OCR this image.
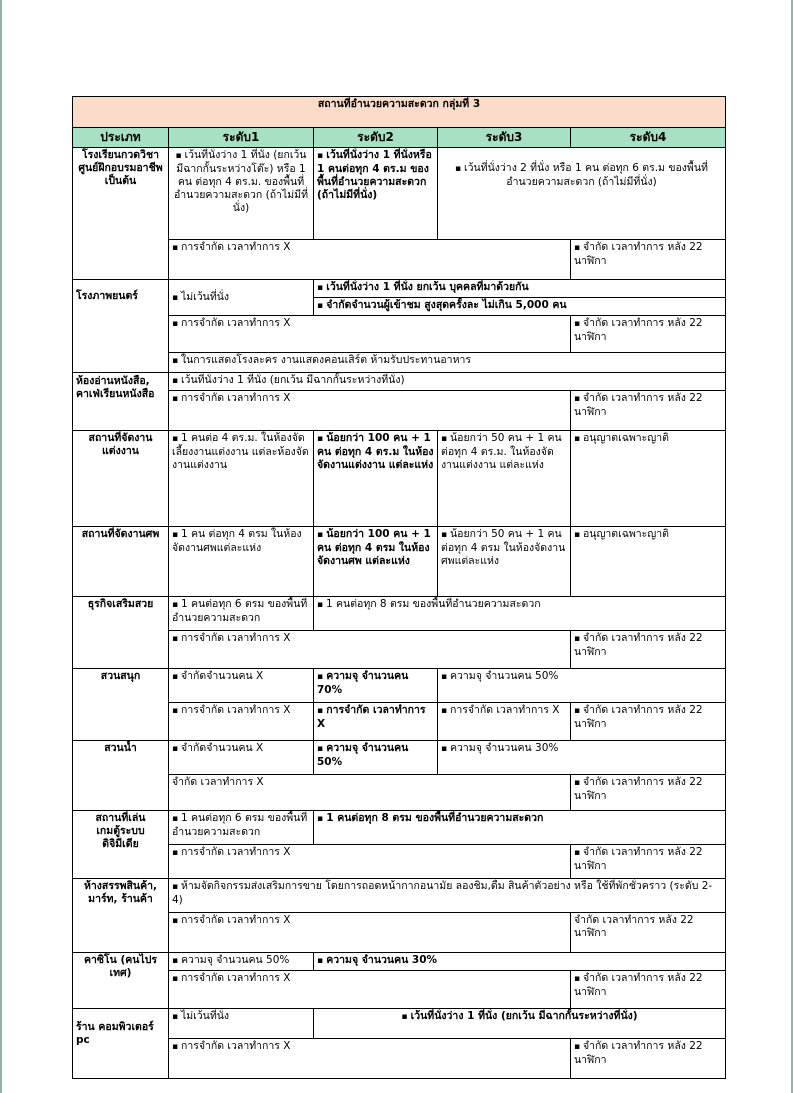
สถานที่อำนวยความสะดวก กลุ่มที่ 3				
ประเภท	ระดับ1	ระดับ2	ระดับ3	ระดับ4
โรงเรียนกวดวิชา ศูนย์ฝึกอบรมอาชีพ เป็นต้น	▪ เว้นที่นั่งว่าง 1 ที่นั่ง (ยกเว้น มีฉากกั้นระหว่างโต๊ะ) หรือ 1 คน ต่อทุก 4 ตร.ม. ของพื้นที่อำนวยความสะดวก (ถ้าไม่มีที่นั่ง)	▪ เว้นที่นั่งว่าง 1 ที่นั่งหรือ 1 คนต่อทุก 4 ตร.ม ของพื้นที่อำนวยความสะดวก (ถ้าไม่มีที่นั่ง)	▪ เว้นที่นั่งว่าง 2 ที่นั่ง หรือ 1 คน ต่อทุก 6 ตร.ม ของพื้นที่อำนวยความสะดวก (ถ้าไม่มีที่นั่ง)
	▪ การจำกัด เวลาทำการ X			▪ จำกัด เวลาทำการ หลัง 22 นาฬิกา
โรงภาพยนตร์	▪ ไม่เว้นที่นั่ง	▪ เว้นที่นั่งว่าง 1 ที่นั่ง ยกเว้น บุคคลที่มาด้วยกัน
		▪ จำกัดจำนวนผู้เข้าชม สูงสุดครั้งละ ไม่เกิน 5,000 คน
	▪ การจำกัด เวลาทำการ X			▪ จำกัด เวลาทำการ หลัง 22 นาฬิกา
	▪ ในการแสดงโรงละคร งานแสดงคอนเสิร์ต ห้ามรับประทานอาหาร
ห้องอ่านหนังสือ, คาเฟ่เรียนหนังสือ	▪ เว้นที่นั่งว่าง 1 ที่นั่ง (ยกเว้น มีฉากกั้นระหว่างที่นั่ง)
	▪ การจำกัด เวลาทำการ X			▪ จำกัด เวลาทำการ หลัง 22 นาฬิกา
สถานที่จัดงานแต่งงาน	▪ 1 คนต่อ 4 ตร.ม. ในห้องจัดเลี้ยงงานแต่งงาน แต่ละห้องจัดงานแต่งงาน	▪ น้อยกว่า 100 คน + 1 คน ต่อทุก 4 ตร.ม ในห้องจัดงานแต่งงาน แต่ละแห่ง	▪ น้อยกว่า 50 คน + 1 คน ต่อทุก 4 ตร.ม. ในห้องจัดงานแต่งงาน แต่ละแห่ง	▪ อนุญาตเฉพาะญาติ
สถานที่จัดงานศพ	▪ 1 คน ต่อทุก 4 ตรม ในห้องจัดงานศพแต่ละแห่ง	▪ น้อยกว่า 100 คน + 1 คน ต่อทุก 4 ตรม ในห้องจัดงานศพ แต่ละแห่ง	▪ น้อยกว่า 50 คน + 1 คน ต่อทุก 4 ตรม ในห้องจัดงานศพแต่ละแห่ง	▪ อนุญาตเฉพาะญาติ
ธุรกิจเสริมสวย	▪ 1 คนต่อทุก 6 ตรม ของพื้นที่อำนวยความสะดวก	▪ 1 คนต่อทุก 8 ตรม ของพื้นที่อำนวยความสะดวก
	▪ การจำกัด เวลาทำการ X			▪ จำกัด เวลาทำการ หลัง 22 นาฬิกา
สวนสนุก	▪ จำกัดจำนวนคน X	▪ ความจุ จำนวนคน 70%	▪ ความจุ จำนวนคน 50%
	▪ การจำกัด เวลาทำการ X	▪ การจำกัด เวลาทำการ X	▪ การจำกัด เวลาทำการ X	▪ จำกัด เวลาทำการ หลัง 22 นาฬิกา
สวนน้ำ	▪ จำกัดจำนวนคน X	▪ ความจุ จำนวนคน 50%	▪ ความจุ จำนวนคน 30%
	จำกัด เวลาทำการ X			▪ จำกัด เวลาทำการ หลัง 22 นาฬิกา

สถานที่เล่น
เกมตู้ระบบ
ดิจิมีเดีย	▪ 1 คนต่อทุก 6 ตรม ของพื้นที่อำนวยความสะดวก	▪ 1 คนต่อทุก 8 ตรม ของพื้นที่อำนวยความสะดวก
	▪ การจำกัด เวลาทำการ X			▪ จำกัด เวลาทำการ หลัง 22 นาฬิกา
ห้างสรรพสินค้า, มาร์ท, ร้านค้า	▪ ห้ามจัดกิจกรรมส่งเสริมการขาย โดยการถอดหน้ากากอนามัย ลองชิม,ดื่ม สินค้าตัวอย่าง หรือ ใช้ที่พักชั่วคราว (ระดับ 2-4)
	▪ การจำกัด เวลาทำการ X			จำกัด เวลาทำการ หลัง 22 นาฬิกา
คาซิโน (คนไปรเทศ)	▪ ความจุ จำนวนคน 50%	▪ ความจุ จำนวนคน 30%
	▪ การจำกัด เวลาทำการ X			▪ จำกัด เวลาทำการ หลัง 22 นาฬิกา
ร้าน คอมพิวเตอร์ pc	▪ ไม่เว้นที่นั่ง	▪ เว้นที่นั่งว่าง 1 ที่นั่ง (ยกเว้น มีฉากกั้นระหว่างที่นั่ง)
	▪ การจำกัด เวลาทำการ X			▪ จำกัด เวลาทำการ หลัง 22 นาฬิกา
